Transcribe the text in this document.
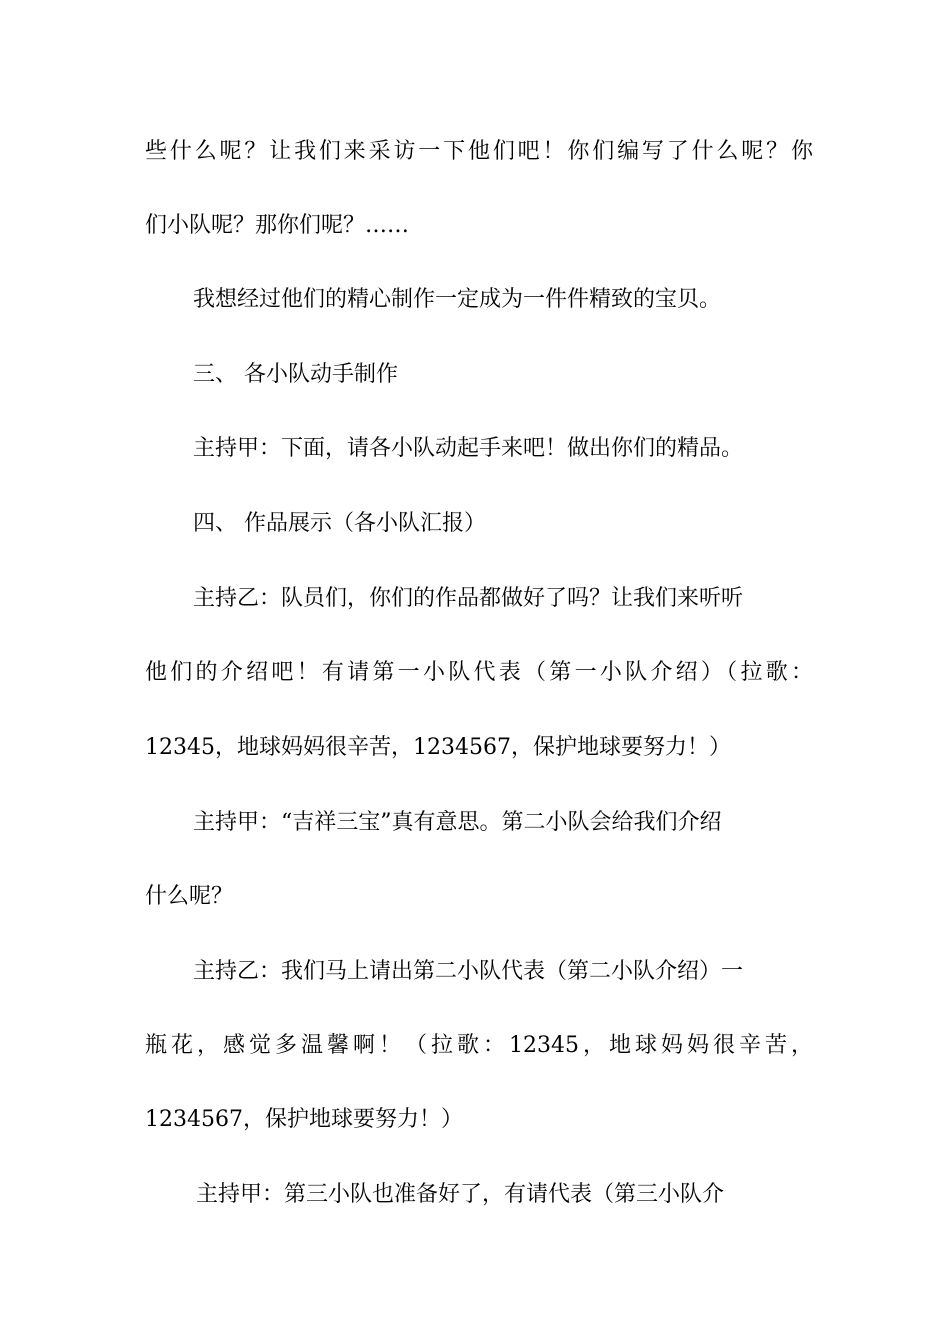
些什么呢？让我们来采访一下他们吧！你们编写了什么呢？你
们小队呢？那你们呢？……
我想经过他们的精心制作一定成为一件件精致的宝贝。
三、 各小队动手制作
主持甲：下面，请各小队动起手来吧！做出你们的精品。
四、 作品展示（各小队汇报）
主持乙：队员们，你们的作品都做好了吗？让我们来听听
他们的介绍吧！有请第一小队代表（第一小队介绍）（拉歌：
12345，地球妈妈很辛苦，1234567，保护地球要努力！）
主持甲：“吉祥三宝”真有意思。第二小队会给我们介绍
什么呢？
主持乙：我们马上请出第二小队代表（第二小队介绍）一
瓶花，感觉多温馨啊！（拉歌：12345，地球妈妈很辛苦，
1234567，保护地球要努力！）
主持甲：第三小队也准备好了，有请代表（第三小队介
